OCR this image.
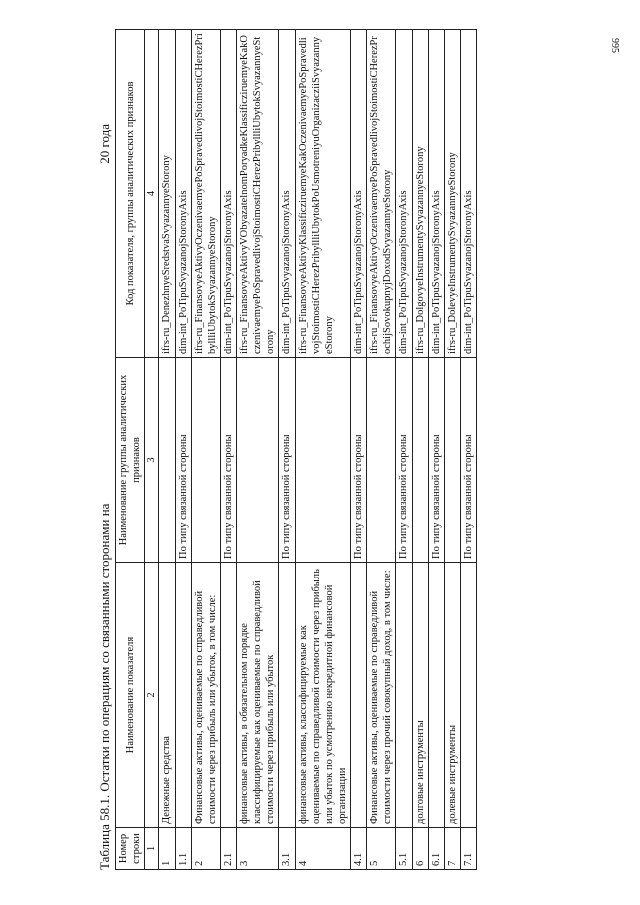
995
Таблица 58.1. Остатки по операциям со связанными сторонами на
20 года
Номер строки	Наименование показателя	Наименование группы аналитических признаков	Код показателя, группы аналитических признаков
1	2	3	4
1	Денежные средства		ifrs-ru_DenezhnyeSredstvaSvyazannyeStorony
1.1		По типу связанной стороны	dim-int_PoTipuSvyazanojStoronyAxis
2	Финансовые активы, оцениваемые по справедливой стоимости через прибыль или убыток, в том числе:		ifrs-ru_FinansovyeAktivyOczenivaemyePoSpravedlivojStoimostiCHerezPribyllliUbytokSvyazannyeStorony
2.1		По типу связанной стороны	dim-int_PoTipuSvyazanojStoronyAxis
3	финансовые активы, в обязательном порядке классифицируемые как оцениваемые по справедливой стоимости через прибыль или убыток		ifrs-ru_FinansovyeAktivyVObyazatelnomPoryadkeKlassificziruemyeKakOczenivaemyePoSpravedlivojStoimostiCHerezPribyllliUbytokSvyazannyeStorony
3.1		По типу связанной стороны	dim-int_PoTipuSvyazanojStoronyAxis
4	финансовые активы, классифицируемые как оцениваемые по справедливой стоимости через прибыль или убыток по усмотрению некредитной финансовой организации		ifrs-ru_FinansovyeAktivyKlassificziruemyeKakOczenivaemyePoSpravedlivojStoimostiCHerezPribyllliUbytokPoUsmotreniyuOrganizacziiSvyazannyeStorony
4.1		По типу связанной стороны	dim-int_PoTipuSvyazanojStoronyAxis
5	Финансовые активы, оцениваемые по справедливой стоимости через прочий совокупный доход, в том числе:		ifrs-ru_FinansovyeAktivyOczenivaemyePoSpravedlivojStoimostiCHerezProchijSovokupnyjDoxodSvyazannyeStorony
5.1		По типу связанной стороны	dim-int_PoTipuSvyazanojStoronyAxis
6	долговые инструменты		ifrs-ru_DolgovyeInstrumentySvyazannyeStorony
6.1		По типу связанной стороны	dim-int_PoTipuSvyazanojStoronyAxis
7	долевые инструменты		ifrs-ru_DolevyeInstrumentySvyazannyeStorony
7.1		По типу связанной стороны	dim-int_PoTipuSvyazanojStoronyAxis
